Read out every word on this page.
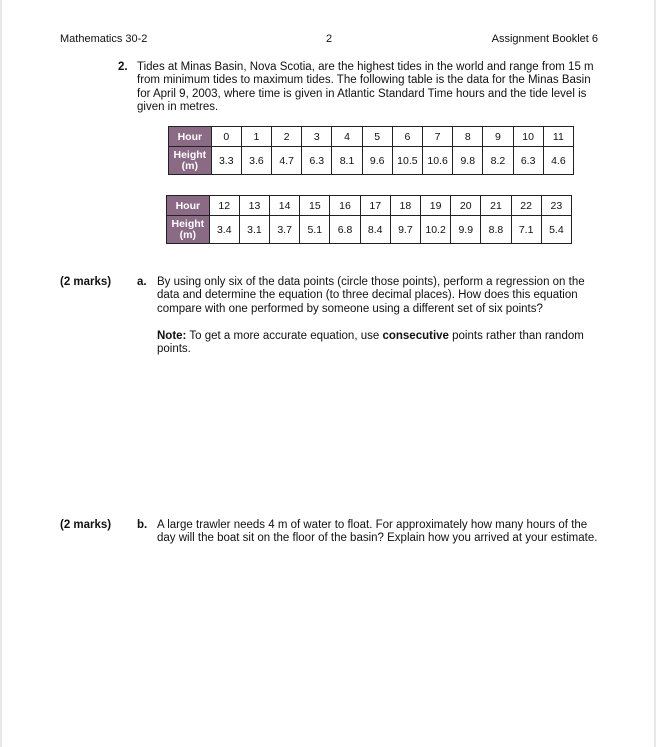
Mathematics 30-2	2	Assignment Booklet 6
2. Tides at Minas Basin, Nova Scotia, are the highest tides in the world and range from 15 m from minimum tides to maximum tides. The following table is the data for the Minas Basin for April 9, 2003, where time is given in Atlantic Standard Time hours and the tide level is given in metres.
Hour	0	1	2	3	4	5	6	7	8	9	10	11
Height
(m)	3.3	3.6	4.7	6.3	8.1	9.6	10.5	10.6	9.8	8.2	6.3	4.6
Hour	12	13	14	15	16	17	18	19	20	21	22	23
Height
(m)	3.4	3.1	3.7	5.1	6.8	8.4	9.7	10.2	9.9	8.8	7.1	5.4
(2 marks) a. By using only six of the data points (circle those points), perform a regression on the data and determine the equation (to three decimal places). How does this equation compare with one performed by someone using a different set of six points?
Note: To get a more accurate equation, use consecutive points rather than random points.
(2 marks) b. A large trawler needs 4 m of water to float. For approximately how many hours of the day will the boat sit on the floor of the basin? Explain how you arrived at your estimate.
